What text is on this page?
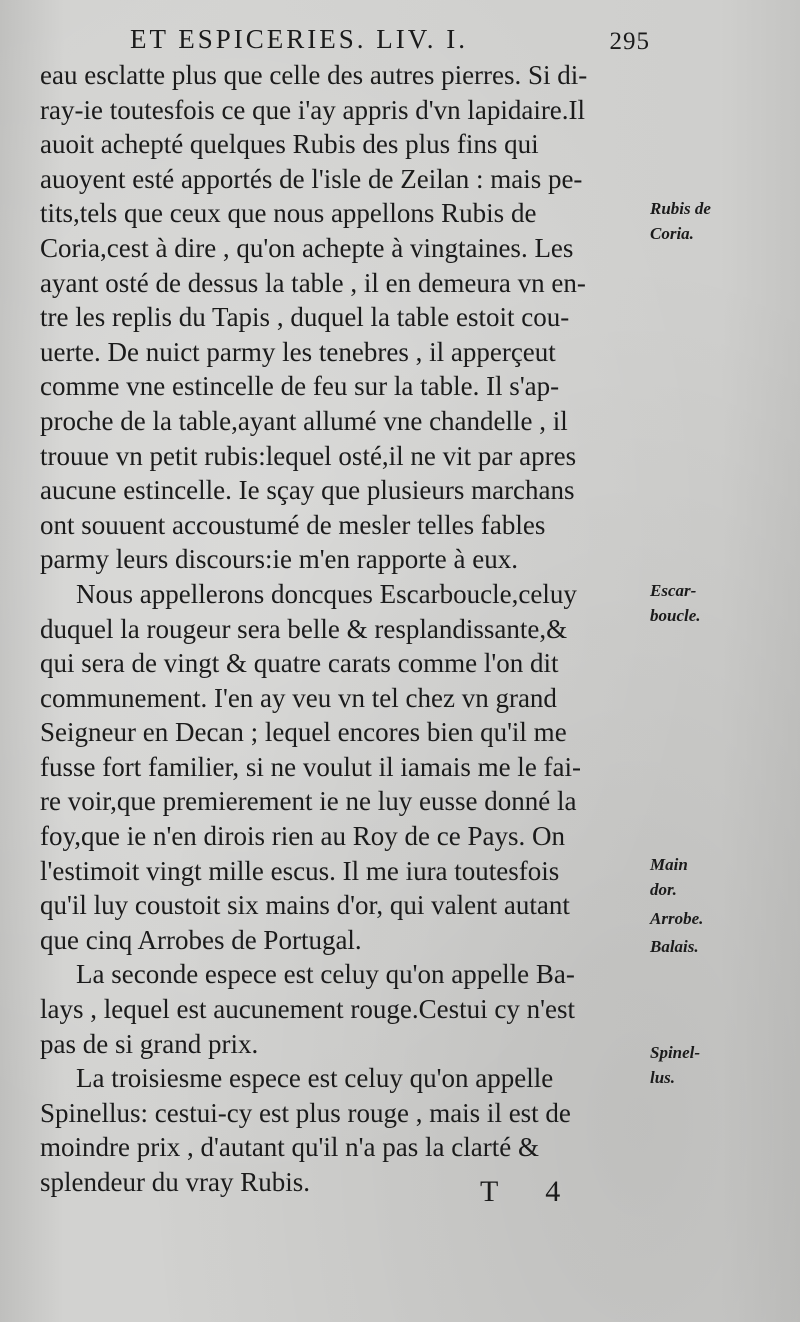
ET ESPICERIES. LIV. I.	295
eau esclatte plus que celle des autres pierres. Si di-
ray-ie toutesfois ce que i'ay appris d'vn lapidaire.Il
auoit achepté quelques Rubis des plus fins qui
auoyent esté apportés de l'isle de Zeilan : mais pe-
tits,tels que ceux que nous appellons Rubis de
Coria,cest à dire , qu'on achepte à vingtaines. Les
ayant osté de dessus la table , il en demeura vn en-
tre les replis du Tapis , duquel la table estoit cou-
uerte. De nuict parmy les tenebres , il apperçeut
comme vne estincelle de feu sur la table. Il s'ap-
proche de la table,ayant allumé vne chandelle , il
trouue vn petit rubis:lequel osté,il ne vit par apres
aucune estincelle. Ie sçay que plusieurs marchans
ont souuent accoustumé de mesler telles fables
parmy leurs discours:ie m'en rapporte à eux.
Nous appellerons doncques Escarboucle,celuy
duquel la rougeur sera belle & resplandissante,&
qui sera de vingt & quatre carats comme l'on dit
communement. I'en ay veu vn tel chez vn grand
Seigneur en Decan ; lequel encores bien qu'il me
fusse fort familier, si ne voulut il iamais me le fai-
re voir,que premierement ie ne luy eusse donné la
foy,que ie n'en dirois rien au Roy de ce Pays. On
l'estimoit vingt mille escus. Il me iura toutesfois
qu'il luy coustoit six mains d'or, qui valent autant
que cinq Arrobes de Portugal.
La seconde espece est celuy qu'on appelle Ba-
lays , lequel est aucunement rouge.Cestui cy n'est
pas de si grand prix.
La troisiesme espece est celuy qu'on appelle
Spinellus: cestui-cy est plus rouge , mais il est de
moindre prix , d'autant qu'il n'a pas la clarté &
splendeur du vray Rubis.
Rubis de
Coria.
Escar-
boucle.
Main
dor.
Arrobe.
Balais.
Spinel-
lus.
T 4
